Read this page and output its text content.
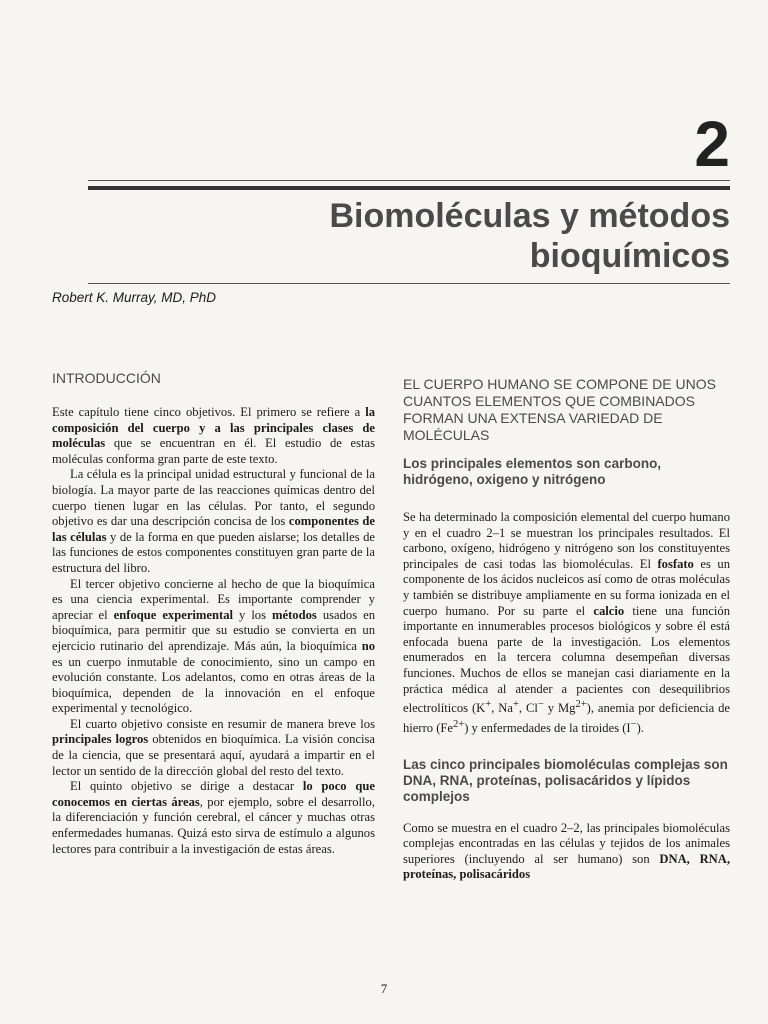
2
Biomoléculas y métodos
bioquímicos
Robert K. Murray, MD, PhD
INTRODUCCIÓN

Este capítulo tiene cinco objetivos. El primero se refiere a la composición del cuerpo y a las principales clases de moléculas que se encuentran en él. El estudio de estas moléculas conforma gran parte de este texto.

La célula es la principal unidad estructural y funcional de la biología. La mayor parte de las reacciones químicas dentro del cuerpo tienen lugar en las células. Por tanto, el segundo objetivo es dar una descripción concisa de los componentes de las células y de la forma en que pueden aislarse; los detalles de las funciones de estos componentes constituyen gran parte de la estructura del libro.

El tercer objetivo concierne al hecho de que la bioquímica es una ciencia experimental. Es importante comprender y apreciar el enfoque experimental y los métodos usados en bioquímica, para permitir que su estudio se convierta en un ejercicio rutinario del aprendizaje. Más aún, la bioquímica no es un cuerpo inmutable de conocimiento, sino un campo en evolución constante. Los adelantos, como en otras áreas de la bioquímica, dependen de la innovación en el enfoque experimental y tecnológico.

El cuarto objetivo consiste en resumir de manera breve los principales logros obtenidos en bioquímica. La visión concisa de la ciencia, que se presentará aquí, ayudará a impartir en el lector un sentido de la dirección global del resto del texto.

El quinto objetivo se dirige a destacar lo poco que conocemos en ciertas áreas, por ejemplo, sobre el desarrollo, la diferenciación y función cerebral, el cáncer y muchas otras enfermedades humanas. Quizá esto sirva de estímulo a algunos lectores para contribuir a la investigación de estas áreas.

EL CUERPO HUMANO SE COMPONE DE UNOS CUANTOS ELEMENTOS QUE COMBINADOS FORMAN UNA EXTENSA VARIEDAD DE MOLÉCULAS
Los principales elementos son carbono, hidrógeno, oxigeno y nitrógeno

Se ha determinado la composición elemental del cuerpo humano y en el cuadro 2–1 se muestran los principales resultados. El carbono, oxígeno, hidrógeno y nitrógeno son los constituyentes principales de casi todas las biomoléculas. El fosfato es un componente de los ácidos nucleicos así como de otras moléculas y también se distribuye ampliamente en su forma ionizada en el cuerpo humano. Por su parte el calcio tiene una función importante en innumerables procesos biológicos y sobre él está enfocada buena parte de la investigación. Los elementos enumerados en la tercera columna desempeñan diversas funciones. Muchos de ellos se manejan casi diariamente en la práctica médica al atender a pacientes con desequilibrios electrolíticos (K+, Na+, Cl− y $Mg^{2+}$), anemia por deficiencia de hierro $(Fe^{2+})$ y enfermedades de la tiroides (I−).

Las cinco principales biomoléculas complejas son DNA, RNA, proteínas, polisacáridos y lípidos complejos

Como se muestra en el cuadro 2–2, las principales biomoléculas complejas encontradas en las células y tejidos de los animales superiores (incluyendo al ser humano) son DNA, RNA, proteínas, polisacáridos

7
